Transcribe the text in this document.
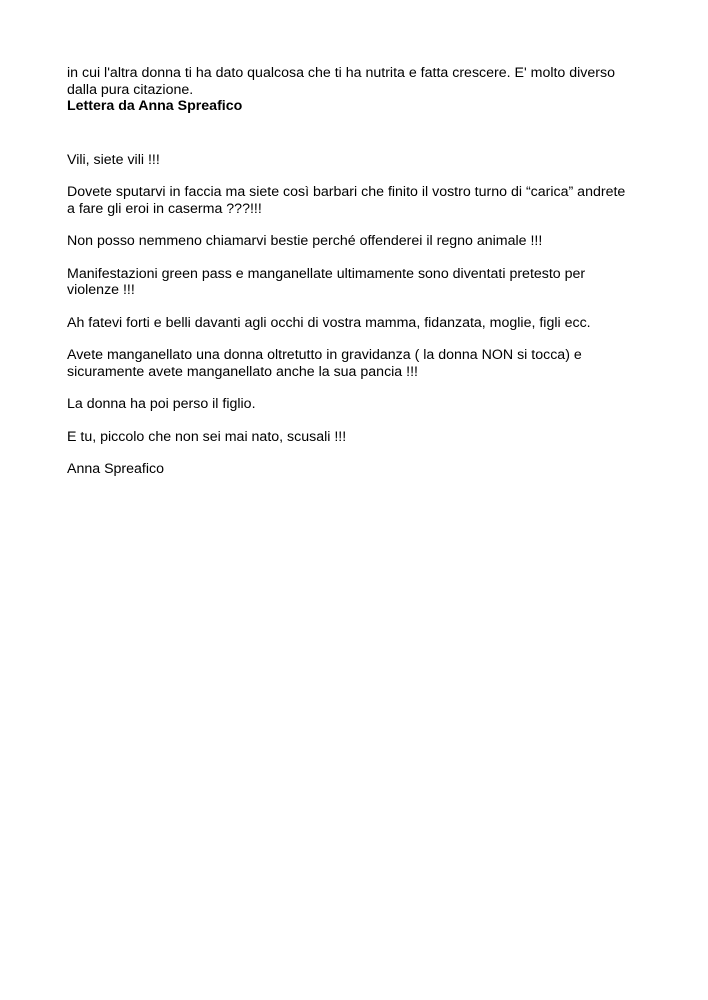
in cui l'altra donna ti ha dato qualcosa che ti ha nutrita e fatta crescere. E' molto diverso
dalla pura citazione.

Lettera da Anna Spreafico

Vili, siete vili !!!

Dovete sputarvi in faccia ma siete così barbari che finito il vostro turno di “carica” andrete
a fare gli eroi in caserma ???!!!

Non posso nemmeno chiamarvi bestie perché offenderei il regno animale !!!

Manifestazioni green pass e manganellate ultimamente sono diventati pretesto per
violenze !!!

Ah fatevi forti e belli davanti agli occhi di vostra mamma, fidanzata, moglie, figli ecc.

Avete manganellato una donna oltretutto in gravidanza ( la donna NON si tocca) e
sicuramente avete manganellato anche la sua pancia !!!

La donna ha poi perso il figlio.

E tu, piccolo che non sei mai nato, scusali !!!

Anna Spreafico
